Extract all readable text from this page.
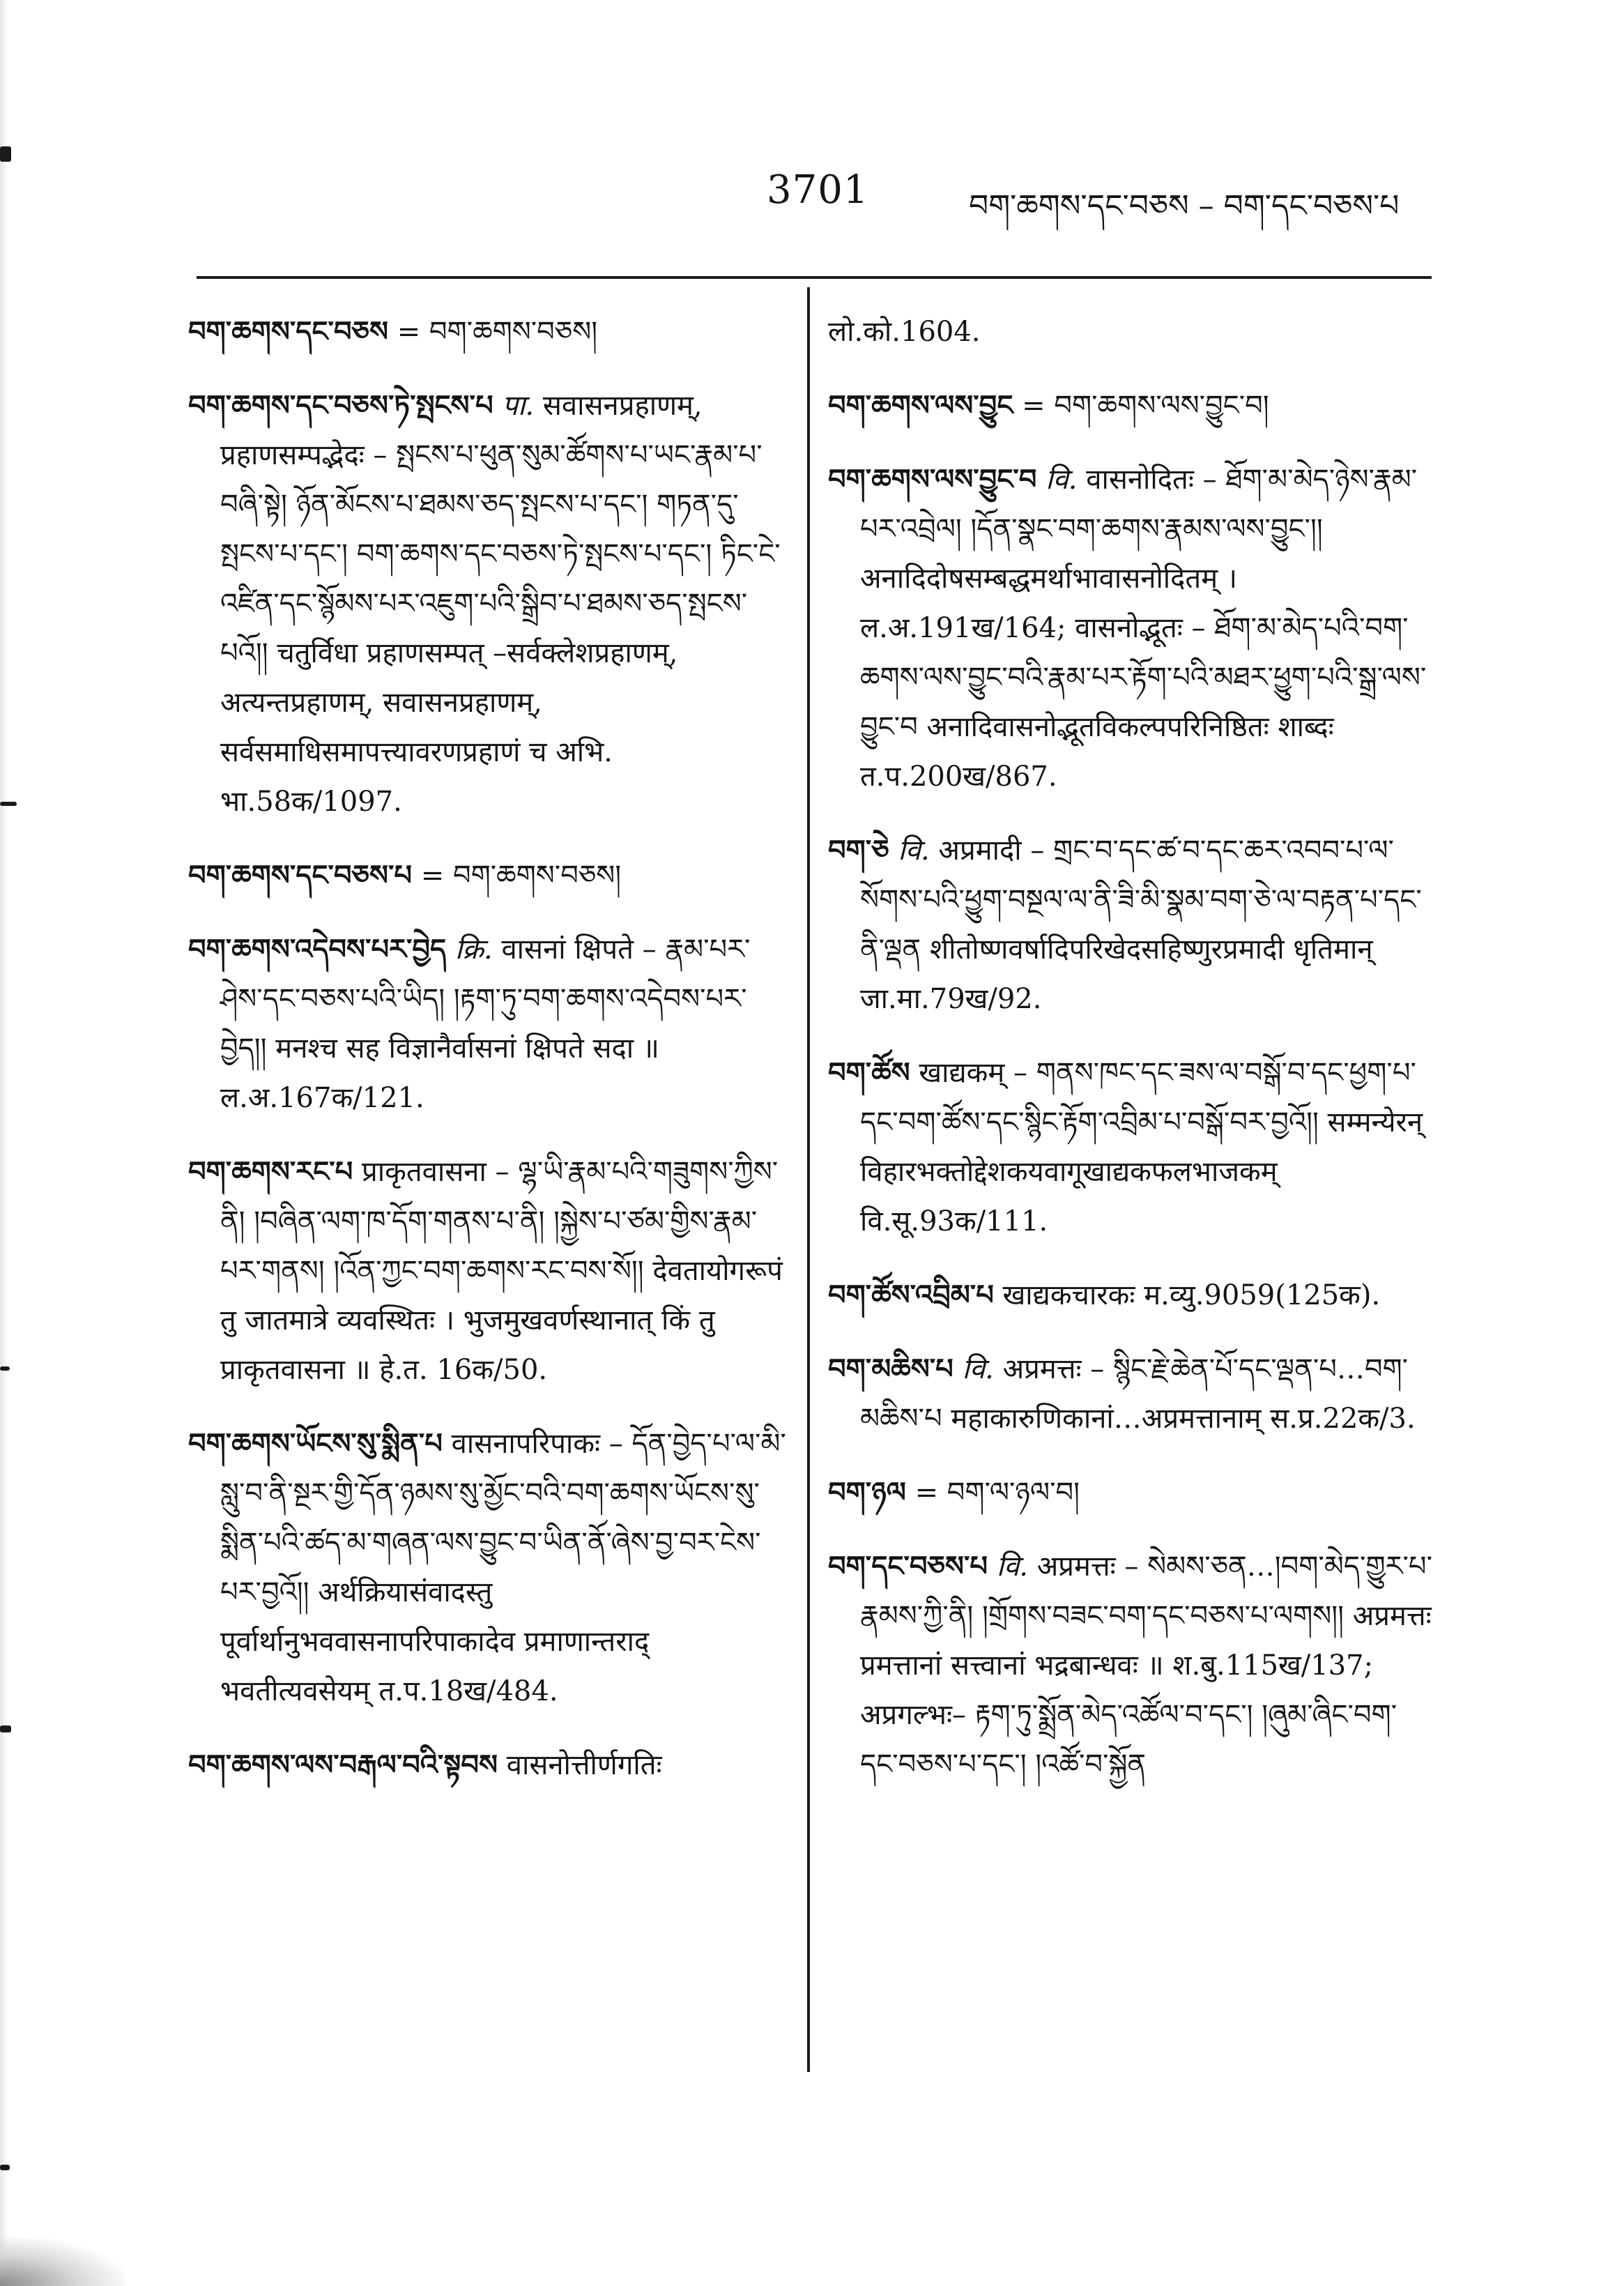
3701	བག་ཆགས་དང་བཅས – བག་དང་བཅས་པ

བག་ཆགས་དང་བཅས = བག་ཆགས་བཅས།

བག་ཆགས་དང་བཅས་ཏེ་སྤངས་པ पा. सवासनप्रहाणम्, प्रहाणसम्पद्भेदः – སྤངས་པ་ཕུན་སུམ་ཚོགས་པ་ཡང་རྣམ་པ་བཞི་སྟེ། ཉོན་མོངས་པ་ཐམས་ཅད་སྤངས་པ་དང༌། གཏན་དུ་སྤངས་པ་དང༌། བག་ཆགས་དང་བཅས་ཏེ་སྤངས་པ་དང༌། ཏིང་ངེ་འཛིན་དང་སྙོམས་པར་འཇུག་པའི་སྒྲིབ་པ་ཐམས་ཅད་སྤངས་པའོ།། चतुर्विधा प्रहाणसम्पत् –सर्वक्लेशप्रहाणम्, अत्यन्तप्रहाणम्, सवासनप्रहाणम्, सर्वसमाधिसमापत्त्यावरणप्रहाणं च अभि. भा.58क/1097.

བག་ཆགས་དང་བཅས་པ = བག་ཆགས་བཅས།

བག་ཆགས་འདེབས་པར་བྱེད क्रि. वासनां क्षिपते – རྣམ་པར་ཤེས་དང་བཅས་པའི་ཡིད། །རྟག་ཏུ་བག་ཆགས་འདེབས་པར་བྱེད།། मनश्च सह विज्ञानैर्वासनां क्षिपते सदा ॥ ल.अ.167क/121.

བག་ཆགས་རང་པ प्राकृतवासना – ལྷ་ཡི་རྣམ་པའི་གཟུགས་ཀྱིས་ནི། །བཞིན་ལག་ཁ་དོག་གནས་པ་ནི། །སྐྱེས་པ་ཙམ་གྱིས་རྣམ་པར་གནས། །འོན་ཀྱང་བག་ཆགས་རང་བས་སོ།། देवतायोगरूपं तु जातमात्रे व्यवस्थितः । भुजमुखवर्णस्थानात् किं तु प्राकृतवासना ॥ हे.त. 16क/50.

བག་ཆགས་ཡོངས་སུ་སྨིན་པ वासनापरिपाकः – དོན་བྱེད་པ་ལ་མི་སླུ་བ་ནི་སྔར་གྱི་དོན་ཉམས་སུ་མྱོང་བའི་བག་ཆགས་ཡོངས་སུ་སྨིན་པའི་ཚད་མ་གཞན་ལས་བྱུང་བ་ཡིན་ནོ་ཞེས་བྱ་བར་ངེས་པར་བྱའོ།། अर्थक्रियासंवादस्तु पूर्वार्थानुभववासनापरिपाकादेव प्रमाणान्तराद् भवतीत्यवसेयम् त.प.18ख/484.

བག་ཆགས་ལས་བརྒལ་བའི་སྟབས वासनोत्तीर्णगतिः

लो.को.1604.

བག་ཆགས་ལས་བྱུང = བག་ཆགས་ལས་བྱུང་བ།

བག་ཆགས་ལས་བྱུང་བ वि. वासनोदितः – ཐོག་མ་མེད་ཉེས་རྣམ་པར་འབྲེལ། །དོན་སྣང་བག་ཆགས་རྣམས་ལས་བྱུང་།། अनादिदोषसम्बद्धमर्थाभावासनोदितम् । ल.अ.191ख/164; वासनोद्भूतः – ཐོག་མ་མེད་པའི་བག་ཆགས་ལས་བྱུང་བའི་རྣམ་པར་རྟོག་པའི་མཐར་ཕྱུག་པའི་སྒྲ་ལས་བྱུང་བ अनादिवासनोद्भूतविकल्पपरिनिष्ठितः शाब्दः त.प.200ख/867.

བག་ཅེ वि. अप्रमादी – གྲང་བ་དང་ཚ་བ་དང་ཆར་འབབ་པ་ལ་སོགས་པའི་ཕྱུག་བསྔལ་ལ་ནི་ཟི་མི་སྣམ་བག་ཅེ་ལ་བརྟན་པ་དང་ནི་ལྡན शीतोष्णवर्षादिपरिखेदसहिष्णुरप्रमादी धृतिमान् जा.मा.79ख/92.

བག་ཚོས खाद्यकम् – གནས་ཁང་དང་ཟས་ལ་བསྒོ་བ་དང་ཕྱག་པ་དང་བག་ཚོས་དང་སྙིང་རྟོག་འབྲིམ་པ་བསྒོ་བར་བྱའོ།། सम्मन्येरन् विहारभक्तोद्देशकयवागूखाद्यकफलभाजकम् वि.सू.93क/111.

བག་ཚོས་འབྲིམ་པ खाद्यकचारकः म.व्यु.9059(125क).

བག་མཆིས་པ वि. अप्रमत्तः – སྙིང་རྗེ་ཆེན་པོ་དང་ལྡན་པ…བག་མཆིས་པ महाकारुणिकानां…अप्रमत्तानाम् स.प्र.22क/3.

བག་ཉལ = བག་ལ་ཉལ་བ།

བག་དང་བཅས་པ वि. अप्रमत्तः – སེམས་ཅན…།བག་མེད་གྱུར་པ་རྣམས་ཀྱི་ནི། །གྲོགས་བཟང་བག་དང་བཅས་པ་ལགས།། अप्रमत्तः प्रमत्तानां सत्त्वानां भद्रबान्धवः ॥ श.बु.115ख/137; अप्रगल्भः– རྟག་ཏུ་སྨྲོན་མེད་འཚོལ་བ་དང༌། །ཞུམ་ཞིང་བག་དང་བཅས་པ་དང༌། །འཚོ་བ་སྐྱོན
